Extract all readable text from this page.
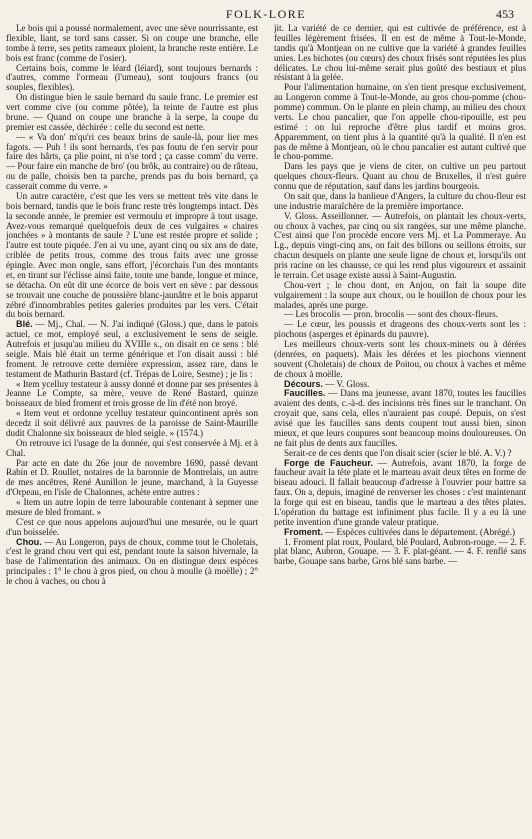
FOLK-LORE	453

Le bois qui a poussé normalement, avec une sève nourrissante, est flexible, liant, se tord sans casser. Si on coupe une branche, elle tombe à terre, ses petits rameaux ploient, la branche reste entière. Le bois est franc (comme de l'osier).

Certains bois, comme le léard (léiard), sont toujours bernards : d'autres, comme l'ormeau (l'umeau), sont toujours francs (ou souples, flexibles).

On distingue bien le saule bernard du saule franc. Le premier est vert comme cive (ou comme pôtée), la teinte de l'autre est plus brune. — Quand on coupe une branche à la serpe, la coupe du premier est cassée, déchirée : celle du second est nette.

— « Va don' m'qu'ri ces beaux brins de saule-là, pour lier mes fagots. — Puh ! ils sont bernards, t'es pas foutu de t'en servir pour faire des hârts, ça plie point, ni n'se tord ; ça casse comm' du verre. — Pour faire ein manche de bro' (ou brôk, au contraire) ou de râteau, ou de palle, choisis ben ta parche, prends pas du bois bernard, ça casserait comme du verre. »

Un autre caractère, c'est que les vers se mettent très vite dans le bois bernard, tandis que le bois franc reste très longtemps intact. Dès la seconde année, le premier est vermoulu et impropre à tout usage. Avez-vous remarqué quelquefois deux de ces vulgaires « chaires jonchées » à montants de saule ? L'une est restée propre et solide ; l'autre est toute piquée. J'en ai vu une, ayant cinq ou six ans de date, criblée de petits trous, comme des trous faits avec une grosse épingle. Avec mon ongle, sans effort, j'écorchais l'un des montants et, en tirant sur l'éclisse ainsi faite, toute une bande, longue et mince, se détacha. On eût dit une écorce de bois vert en sève : par dessous se trouvait une couche de poussière blanc-jaunâtre et le bois apparut zébré d'innombrables petites galeries produites par les vers. C'était du bois bernard.

Blé. — Mj., Chal. — N. J'ai indiqué (Gloss.) que, dans le patois actuel, ce mot, employé seul, a exclusivement le sens de seigle. Autrefois et jusqu'au milieu du XVIIIe s., on disait en ce sens : blé seigle. Mais blé était un terme générique et l'on disait aussi : blé froment. Je retrouve cette dernière expression, assez rare, dans le testament de Mathurin Bastard (cf. Trépas de Loire, Sesme) ; je lis :

« Item ycelluy testateur à aussy donné et donne par ses présentes à Jeanne Le Compte, sa mère, veuve de René Bastard, quinze boisseaux de bled froment et trois grosse de lin d'été non broyé.

« Item veut et ordonne ycelluy testateur quincontinent après son decedz il soit délivré aux pauvres de la paroisse de Saint-Maurille dudit Chalonne six boisseaux de bled seigle. » (1574.)

On retrouve ici l'usage de la donnée, qui s'est conservée à Mj. et à Chal.

Par acte en date du 26e jour de novembre 1690, passé devant Rabin et D. Roullet, notaires de la baronnie de Montrelais, un autre de mes ancêtres, René Aunillon le jeune, marchand, à la Guyesse d'Orpeau, en l'isle de Chalonnes, achète entre autres :

« Item un autre lopin de terre labourable contenant à sepmer une mesure de bled fromant. »

C'est ce que nous appelons aujourd'hui une mesurée, ou le quart d'un boisselée.

Chou. — Au Longeron, pays de choux, comme tout le Choletais, c'est le grand chou vert qui est, pendant toute la saison hivernale, la base de l'alimentation des animaux. On en distingue deux espèces principales : 1° le chou à gros pied, ou chou à moulle (à moëlle) ; 2° le chou à vaches, ou chou à

jit. La variété de ce dernier, qui est cultivée de préférence, est à feuilles légèrement frisées. Il en est de même à Tout-le-Monde, tandis qu'à Montjean on ne cultive que la variété à grandes feuilles unies. Les bichotes (ou cœurs) des choux frisés sont réputées les plus délicates. Le chou lui-même serait plus goûté des bestiaux et plus résistant à la gelée.

Pour l'alimentation humaine, on s'en tient presque exclusivement, au Longeron comme à Tout-le-Monde, au gros chou-pomme (chou-pomme) commun. On le plante en plein champ, au milieu des choux verts. Le chou pancalier, que l'on appelle chou-ripouille, est peu estimé : on lui reproche d'être plus tardif et moins gros. Apparemment, on tient plus à la quantité qu'à la qualité. Il n'en est pas de même à Montjean, où le chou pancalier est autant cultivé que le chou-pomme.

Dans les pays que je viens de citer, on cultive un peu partout quelques choux-fleurs. Quant au chou de Bruxelles, il n'est guère connu que de réputation, sauf dans les jardins bourgeois.

On sait que, dans la banlieue d'Angers, la culture du chou-fleur est une industrie maraîchère de la première importance.

V. Gloss. Asseillonner. — Autrefois, on plantait les choux-verts, ou choux à vaches, par cinq ou six rangées, sur une même planche. C'est ainsi que l'on procède encore vers Mj. et La Pommeraye. Au Lg., depuis vingt-cinq ans, on fait des billons ou seillons étroits, sur chacun desquels on plante une seule ligne de choux et, lorsqu'ils ont pris racine on les chausse, ce qui les rend plus vigoureux et assainit le terrain. Cet usage existe aussi à Saint-Augustin.

Chou-vert ; le chou dont, en Anjou, on fait la soupe dite vulgairement : la soupe aux choux, ou le bouillon de choux pour les malades, après une purge.

— Les brocolis — pron. brocolis — sont des choux-fleurs.

— Le cœur, les poussis et drageons des choux-verts sont les : piochons (asperges et épinards du pauvre).

Les meilleurs choux-verts sont les choux-minets ou à dérées (denrées, en paquets). Mais les dérées et les piochons viennent souvent (Choletais) de choux de Poitou, ou choux à vaches et même de choux à moëlle.

Décours. — V. Gloss.

Faucilles. — Dans ma jeunesse, avant 1870, toutes les faucilles avaient des dents, c.-à-d. des incisions très fines sur le tranchant. On croyait que, sans cela, elles n'auraient pas coupé. Depuis, on s'est avisé que les faucilles sans dents coupent tout aussi bien, sinon mieux, et que leurs coupures sont beaucoup moins douloureuses. On ne fait plus de dents aux faucilles.

Serait-ce de ces dents que l'on disait scier (scier le blé. A. V.) ?

Forge de Faucheur. — Autrefois, avant 1870, la forge de faucheur avait la tête plate et le marteau avait deux têtes en forme de biseau adouci. Il fallait beaucoup d'adresse à l'ouvrier pour battre sa faux. On a, depuis, imaginé de renverser les choses : c'est maintenant la forge qui est en biseau, tandis que le marteau a des têtes plates. L'opération du battage est infiniment plus facile. Il y a eu là une petite invention d'une grande valeur pratique.

Froment. — Espèces cultivées dans le département. (Abrégé.)

1. Froment plat roux, Poulard, blé Poulard, Aubron-rouge. — 2. F. plat blanc, Aubron, Gouape. — 3. F. plat-géant. — 4. F. renflé sans barbe, Gouape sans barbe, Gros blé sans barbe. —
